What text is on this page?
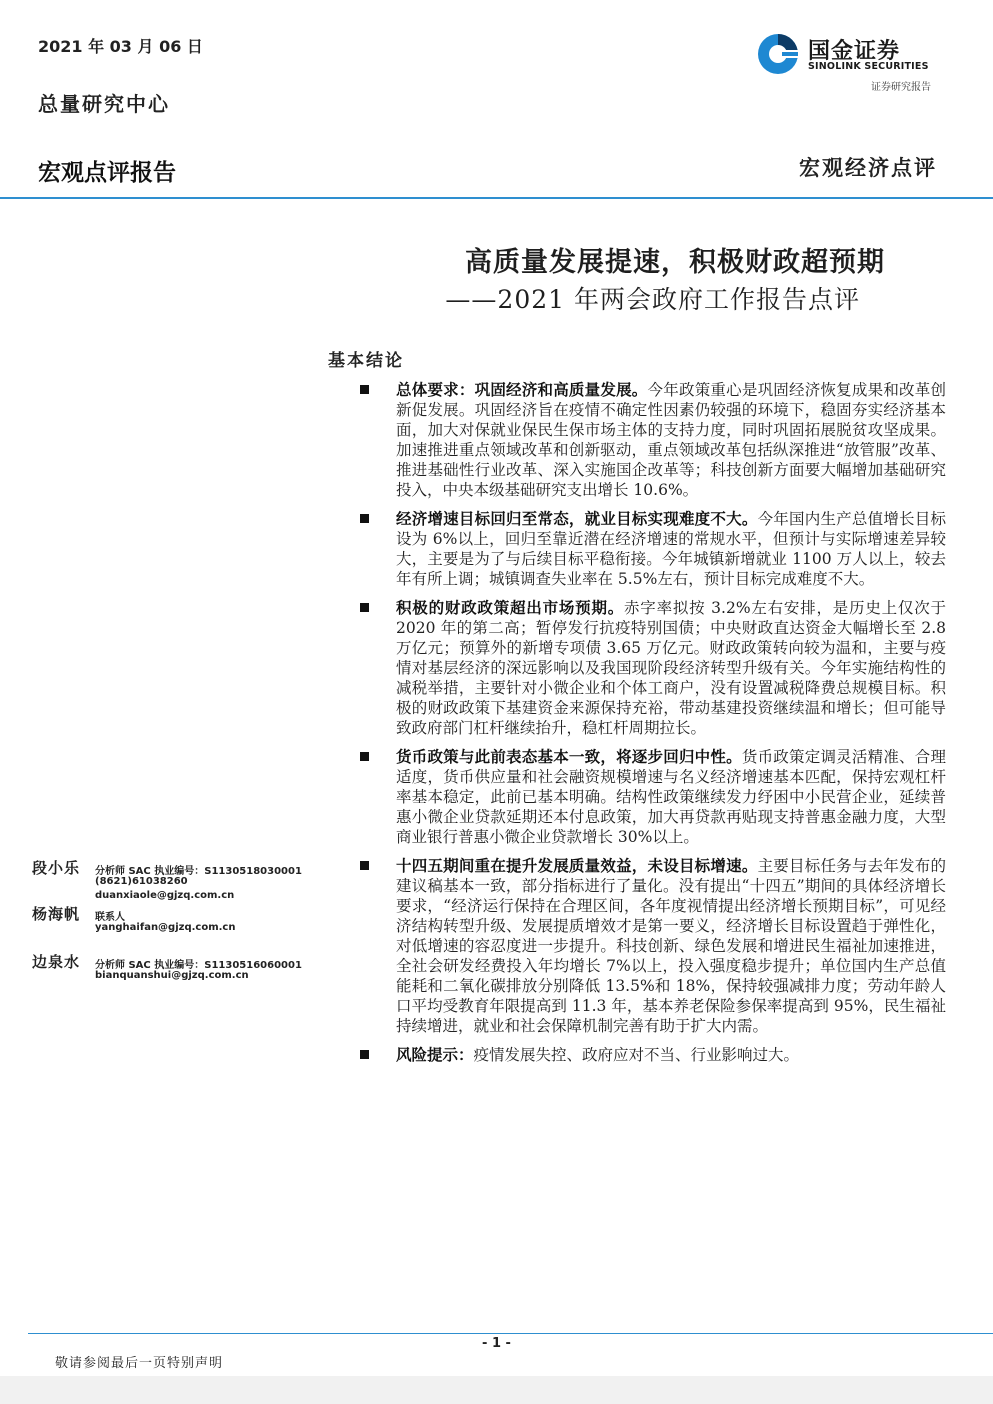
2021 年 03 月 06 日
总量研究中心
宏观点评报告	宏观经济点评
国金证券
SINOLINK SECURITIES
证券研究报告
高质量发展提速，积极财政超预期
——2021 年两会政府工作报告点评
基本结论
总体要求：巩固经济和高质量发展。今年政策重心是巩固经济恢复成果和改革创新促发展。巩固经济旨在疫情不确定性因素仍较强的环境下，稳固夯实经济基本面，加大对保就业保民生保市场主体的支持力度，同时巩固拓展脱贫攻坚成果。加速推进重点领域改革和创新驱动，重点领域改革包括纵深推进“放管服”改革、推进基础性行业改革、深入实施国企改革等；科技创新方面要大幅增加基础研究投入，中央本级基础研究支出增长 10.6%。
经济增速目标回归至常态，就业目标实现难度不大。今年国内生产总值增长目标设为 6%以上，回归至靠近潜在经济增速的常规水平，但预计与实际增速差异较大，主要是为了与后续目标平稳衔接。今年城镇新增就业 1100 万人以上，较去年有所上调；城镇调查失业率在 5.5%左右，预计目标完成难度不大。
积极的财政政策超出市场预期。赤字率拟按 3.2%左右安排，是历史上仅次于 2020 年的第二高；暂停发行抗疫特别国债；中央财政直达资金大幅增长至 2.8 万亿元；预算外的新增专项债 3.65 万亿元。财政政策转向较为温和，主要与疫情对基层经济的深远影响以及我国现阶段经济转型升级有关。今年实施结构性的减税举措，主要针对小微企业和个体工商户，没有设置减税降费总规模目标。积极的财政政策下基建资金来源保持充裕，带动基建投资继续温和增长；但可能导致政府部门杠杆继续抬升，稳杠杆周期拉长。
货币政策与此前表态基本一致，将逐步回归中性。货币政策定调灵活精准、合理适度，货币供应量和社会融资规模增速与名义经济增速基本匹配，保持宏观杠杆率基本稳定，此前已基本明确。结构性政策继续发力纾困中小民营企业，延续普惠小微企业贷款延期还本付息政策，加大再贷款再贴现支持普惠金融力度，大型商业银行普惠小微企业贷款增长 30%以上。
十四五期间重在提升发展质量效益，未设目标增速。主要目标任务与去年发布的建议稿基本一致，部分指标进行了量化。没有提出“十四五”期间的具体经济增长要求，“经济运行保持在合理区间，各年度视情提出经济增长预期目标”，可见经济结构转型升级、发展提质增效才是第一要义，经济增长目标设置趋于弹性化，对低增速的容忍度进一步提升。科技创新、绿色发展和增进民生福祉加速推进，全社会研发经费投入年均增长 7%以上，投入强度稳步提升；单位国内生产总值能耗和二氧化碳排放分别降低 13.5%和 18%，保持较强减排力度；劳动年龄人口平均受教育年限提高到 11.3 年，基本养老保险参保率提高到 95%，民生福祉持续增进，就业和社会保障机制完善有助于扩大内需。
风险提示：疫情发展失控、政府应对不当、行业影响过大。
段小乐 分析师 SAC 执业编号：S1130518030001
(8621)61038260
duanxiaole@gjzq.com.cn
杨海帆 联系人
yanghaifan@gjzq.com.cn
边泉水 分析师 SAC 执业编号：S1130516060001
bianquanshui@gjzq.com.cn
- 1 -
敬请参阅最后一页特别声明
